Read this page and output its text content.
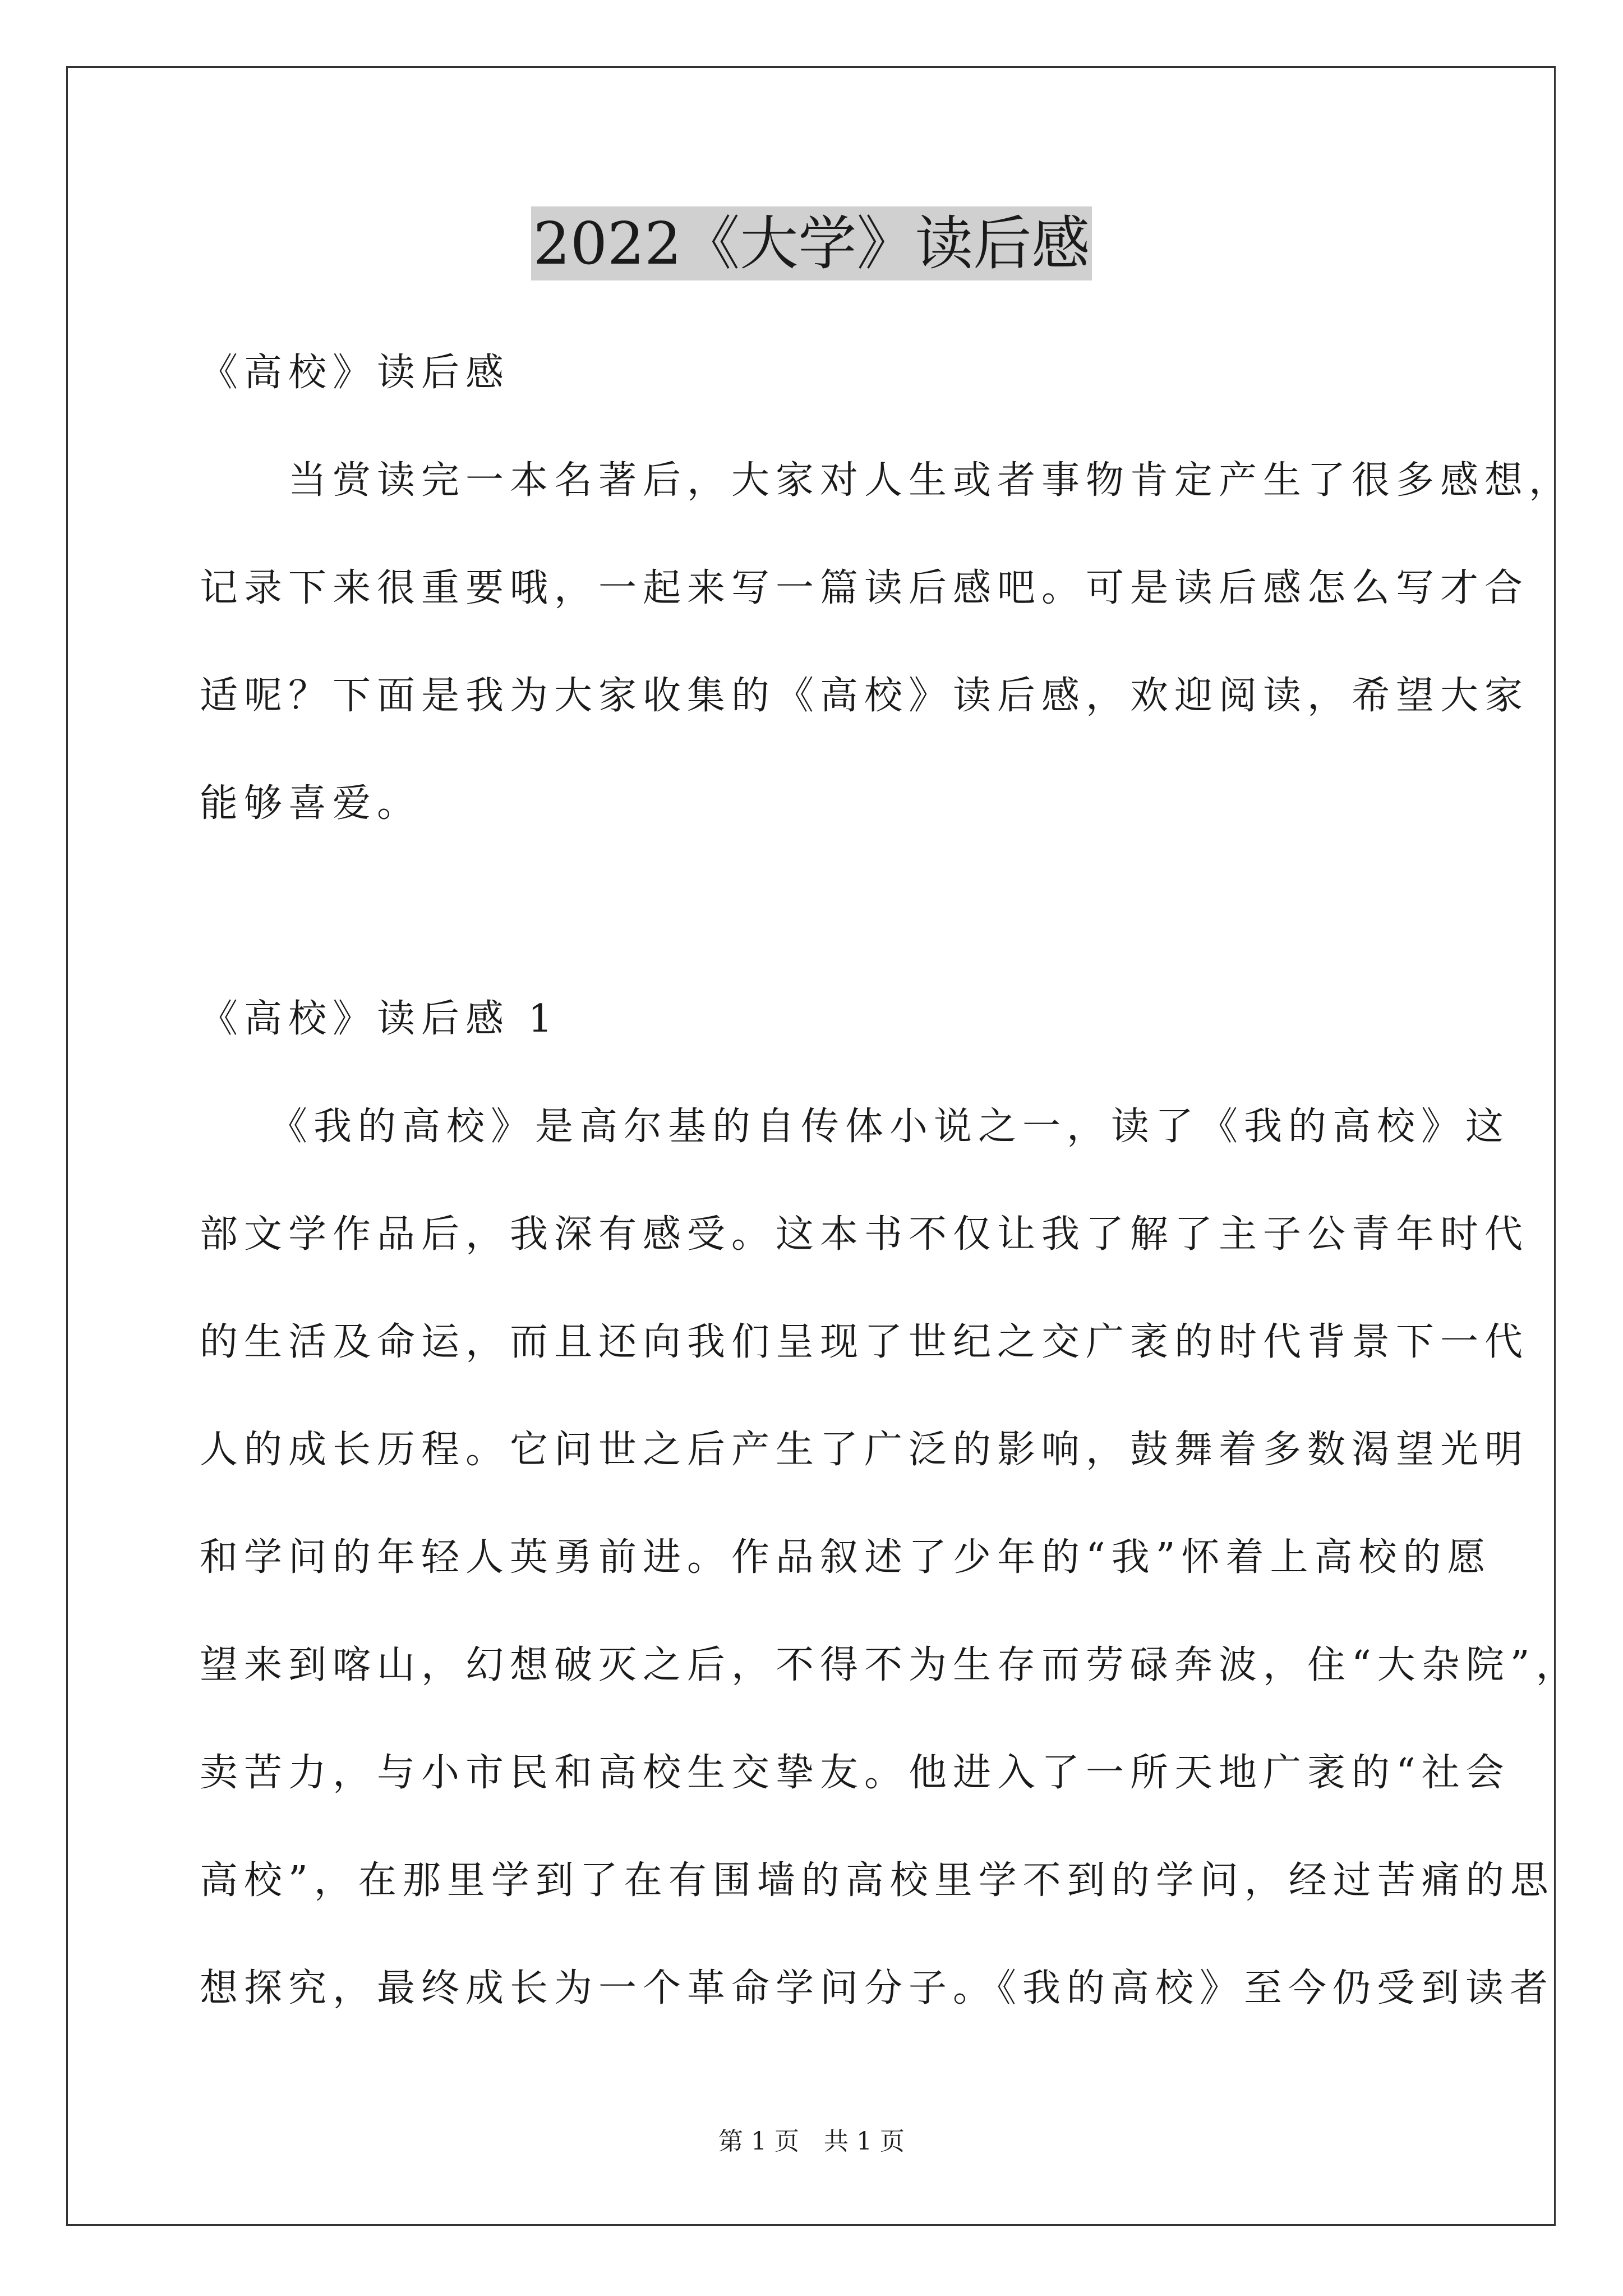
2022《大学》读后感
《高校》读后感
　　当赏读完一本名著后，大家对人生或者事物肯定产生了很多感想，
记录下来很重要哦，一起来写一篇读后感吧。可是读后感怎么写才合
适呢？下面是我为大家收集的《高校》读后感，欢迎阅读，希望大家
能够喜爱。
《高校》读后感 1
　　《我的高校》是高尔基的自传体小说之一，读了《我的高校》这
部文学作品后，我深有感受。这本书不仅让我了解了主子公青年时代
的生活及命运，而且还向我们呈现了世纪之交广袤的时代背景下一代
人的成长历程。它问世之后产生了广泛的影响，鼓舞着多数渴望光明
和学问的年轻人英勇前进。作品叙述了少年的“我”怀着上高校的愿
望来到喀山，幻想破灭之后，不得不为生存而劳碌奔波，住“大杂院”，
卖苦力，与小市民和高校生交挚友。他进入了一所天地广袤的“社会
高校”，在那里学到了在有围墙的高校里学不到的学问，经过苦痛的思
想探究，最终成长为一个革命学问分子。《我的高校》至今仍受到读者
第 1 页　共 1 页
